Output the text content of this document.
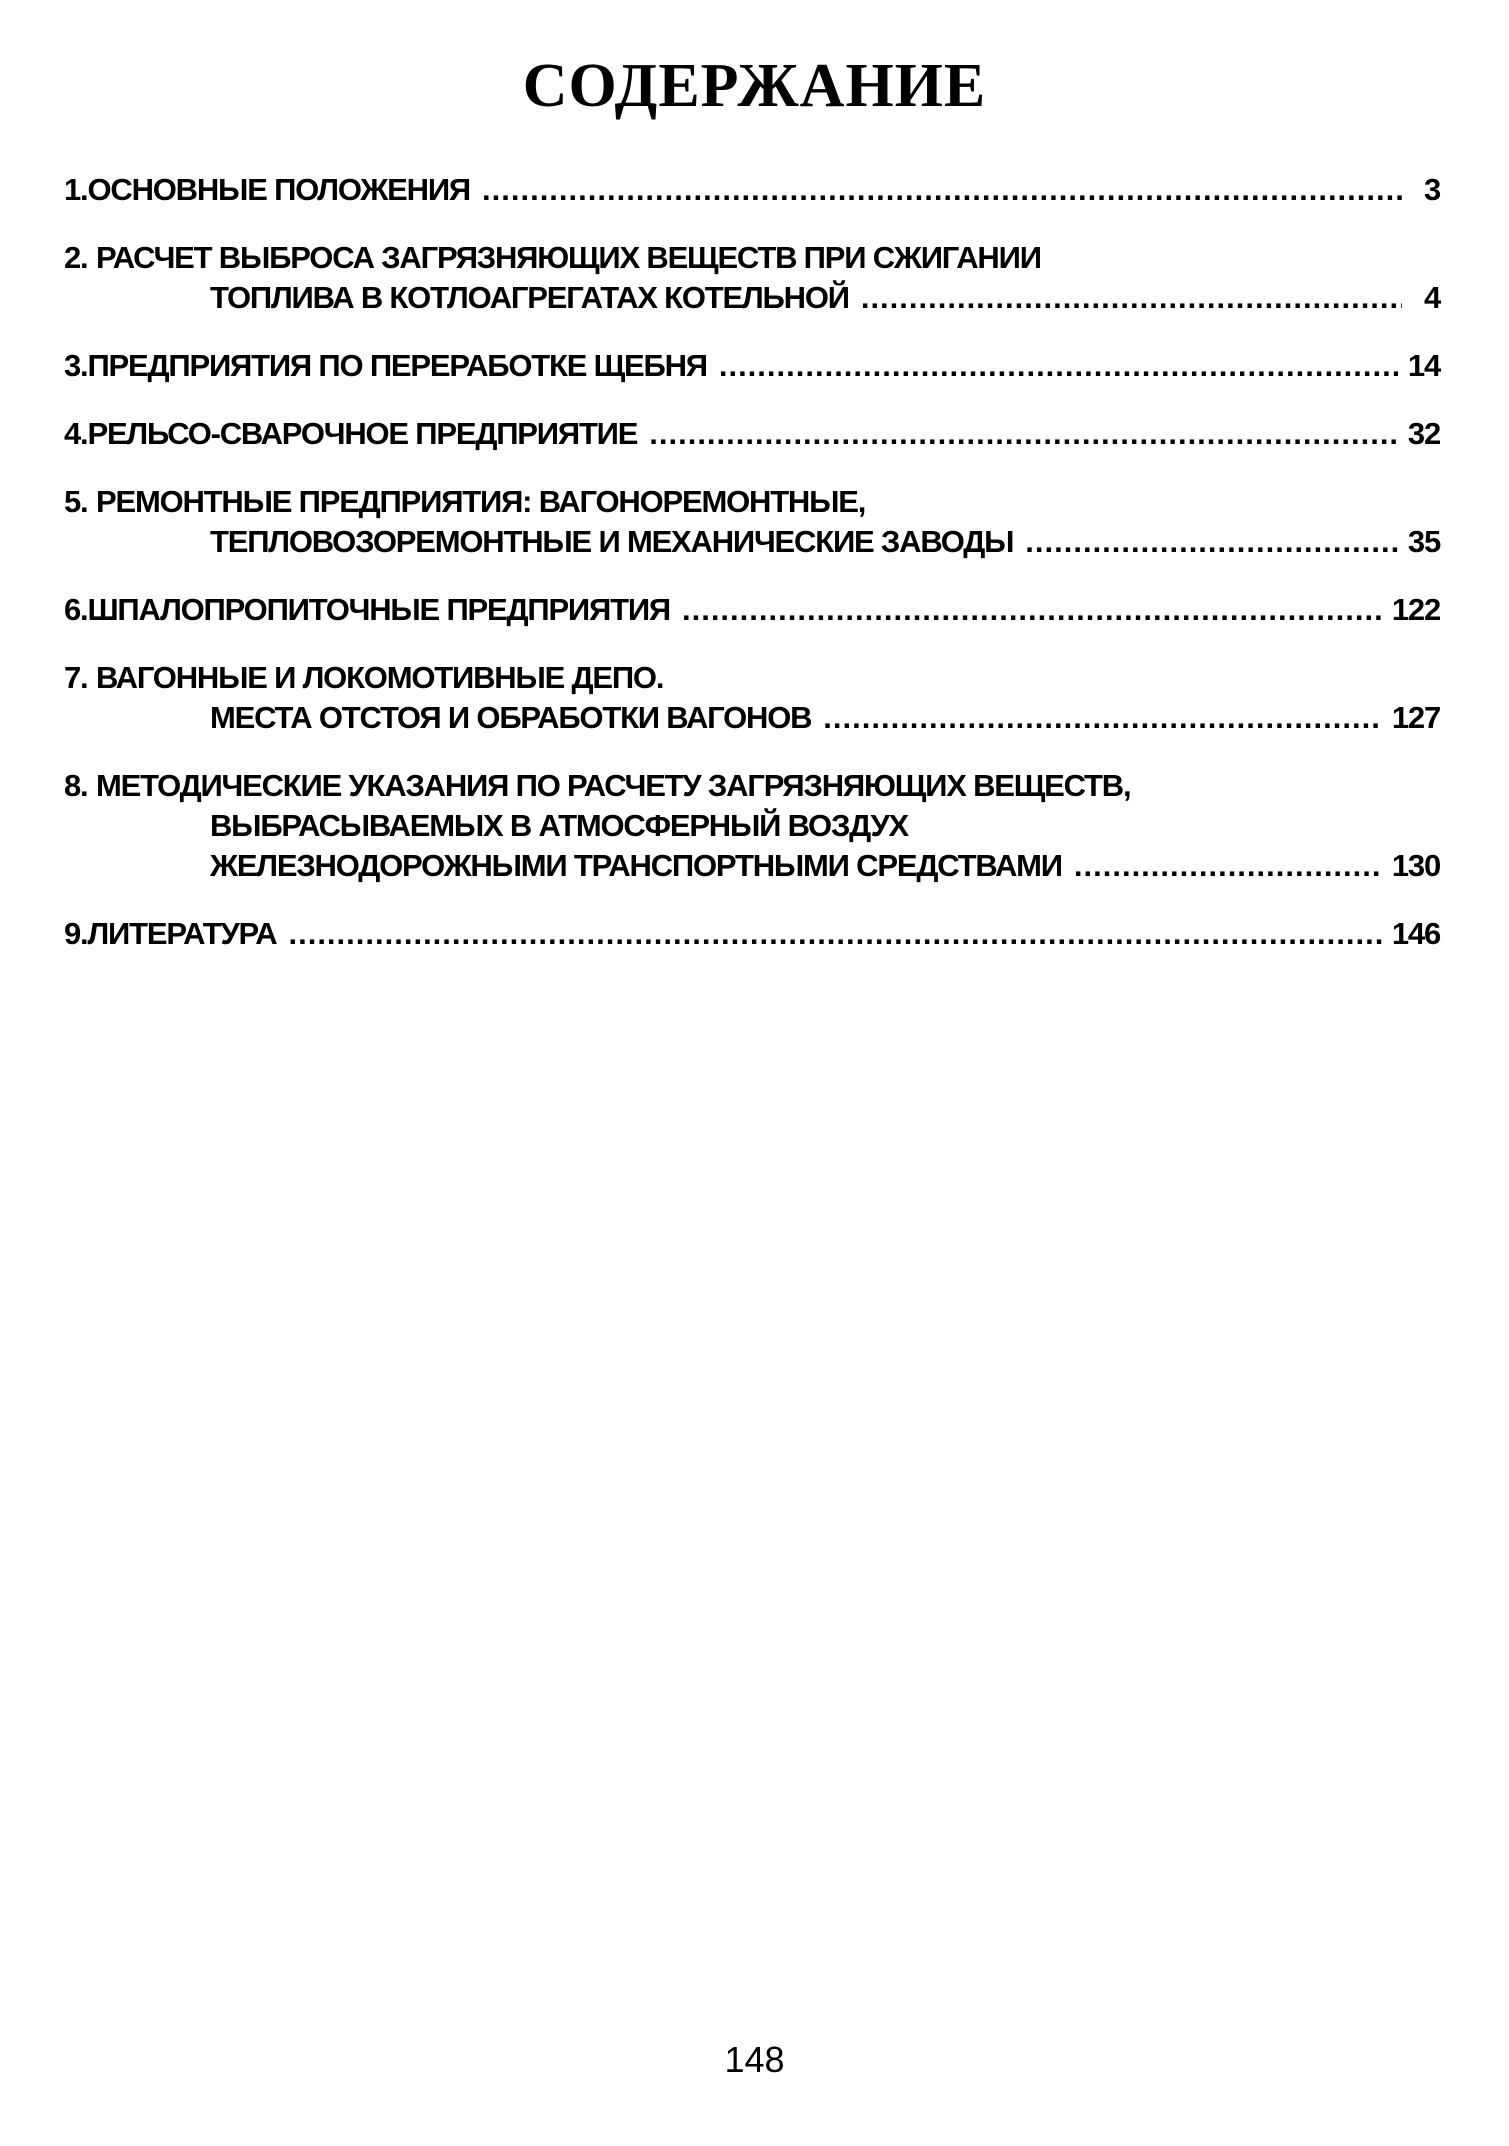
СОДЕРЖАНИЕ
1. ОСНОВНЫЕ ПОЛОЖЕНИЯ .....	3
2. РАСЧЕТ ВЫБРОСА ЗАГРЯЗНЯЮЩИХ ВЕЩЕСТВ ПРИ СЖИГАНИИ
ТОПЛИВА В КОТЛОАГРЕГАТАХ КОТЕЛЬНОЙ .....	4
3. ПРЕДПРИЯТИЯ ПО ПЕРЕРАБОТКЕ ЩЕБНЯ .....	14
4. РЕЛЬСО-СВАРОЧНОЕ ПРЕДПРИЯТИЕ .....	32
5. РЕМОНТНЫЕ ПРЕДПРИЯТИЯ: ВАГОНОРЕМОНТНЫЕ,
ТЕПЛОВОЗОРЕМОНТНЫЕ И МЕХАНИЧЕСКИЕ ЗАВОДЫ .....	35
6. ШПАЛОПРОПИТОЧНЫЕ ПРЕДПРИЯТИЯ .....	122
7. ВАГОННЫЕ И ЛОКОМОТИВНЫЕ ДЕПО.
МЕСТА ОТСТОЯ И ОБРАБОТКИ ВАГОНОВ .....	127
8. МЕТОДИЧЕСКИЕ УКАЗАНИЯ ПО РАСЧЕТУ ЗАГРЯЗНЯЮЩИХ ВЕЩЕСТВ,
ВЫБРАСЫВАЕМЫХ В АТМОСФЕРНЫЙ ВОЗДУХ
ЖЕЛЕЗНОДОРОЖНЫМИ ТРАНСПОРТНЫМИ СРЕДСТВАМИ .....	130
9. ЛИТЕРАТУРА .....	146
148
